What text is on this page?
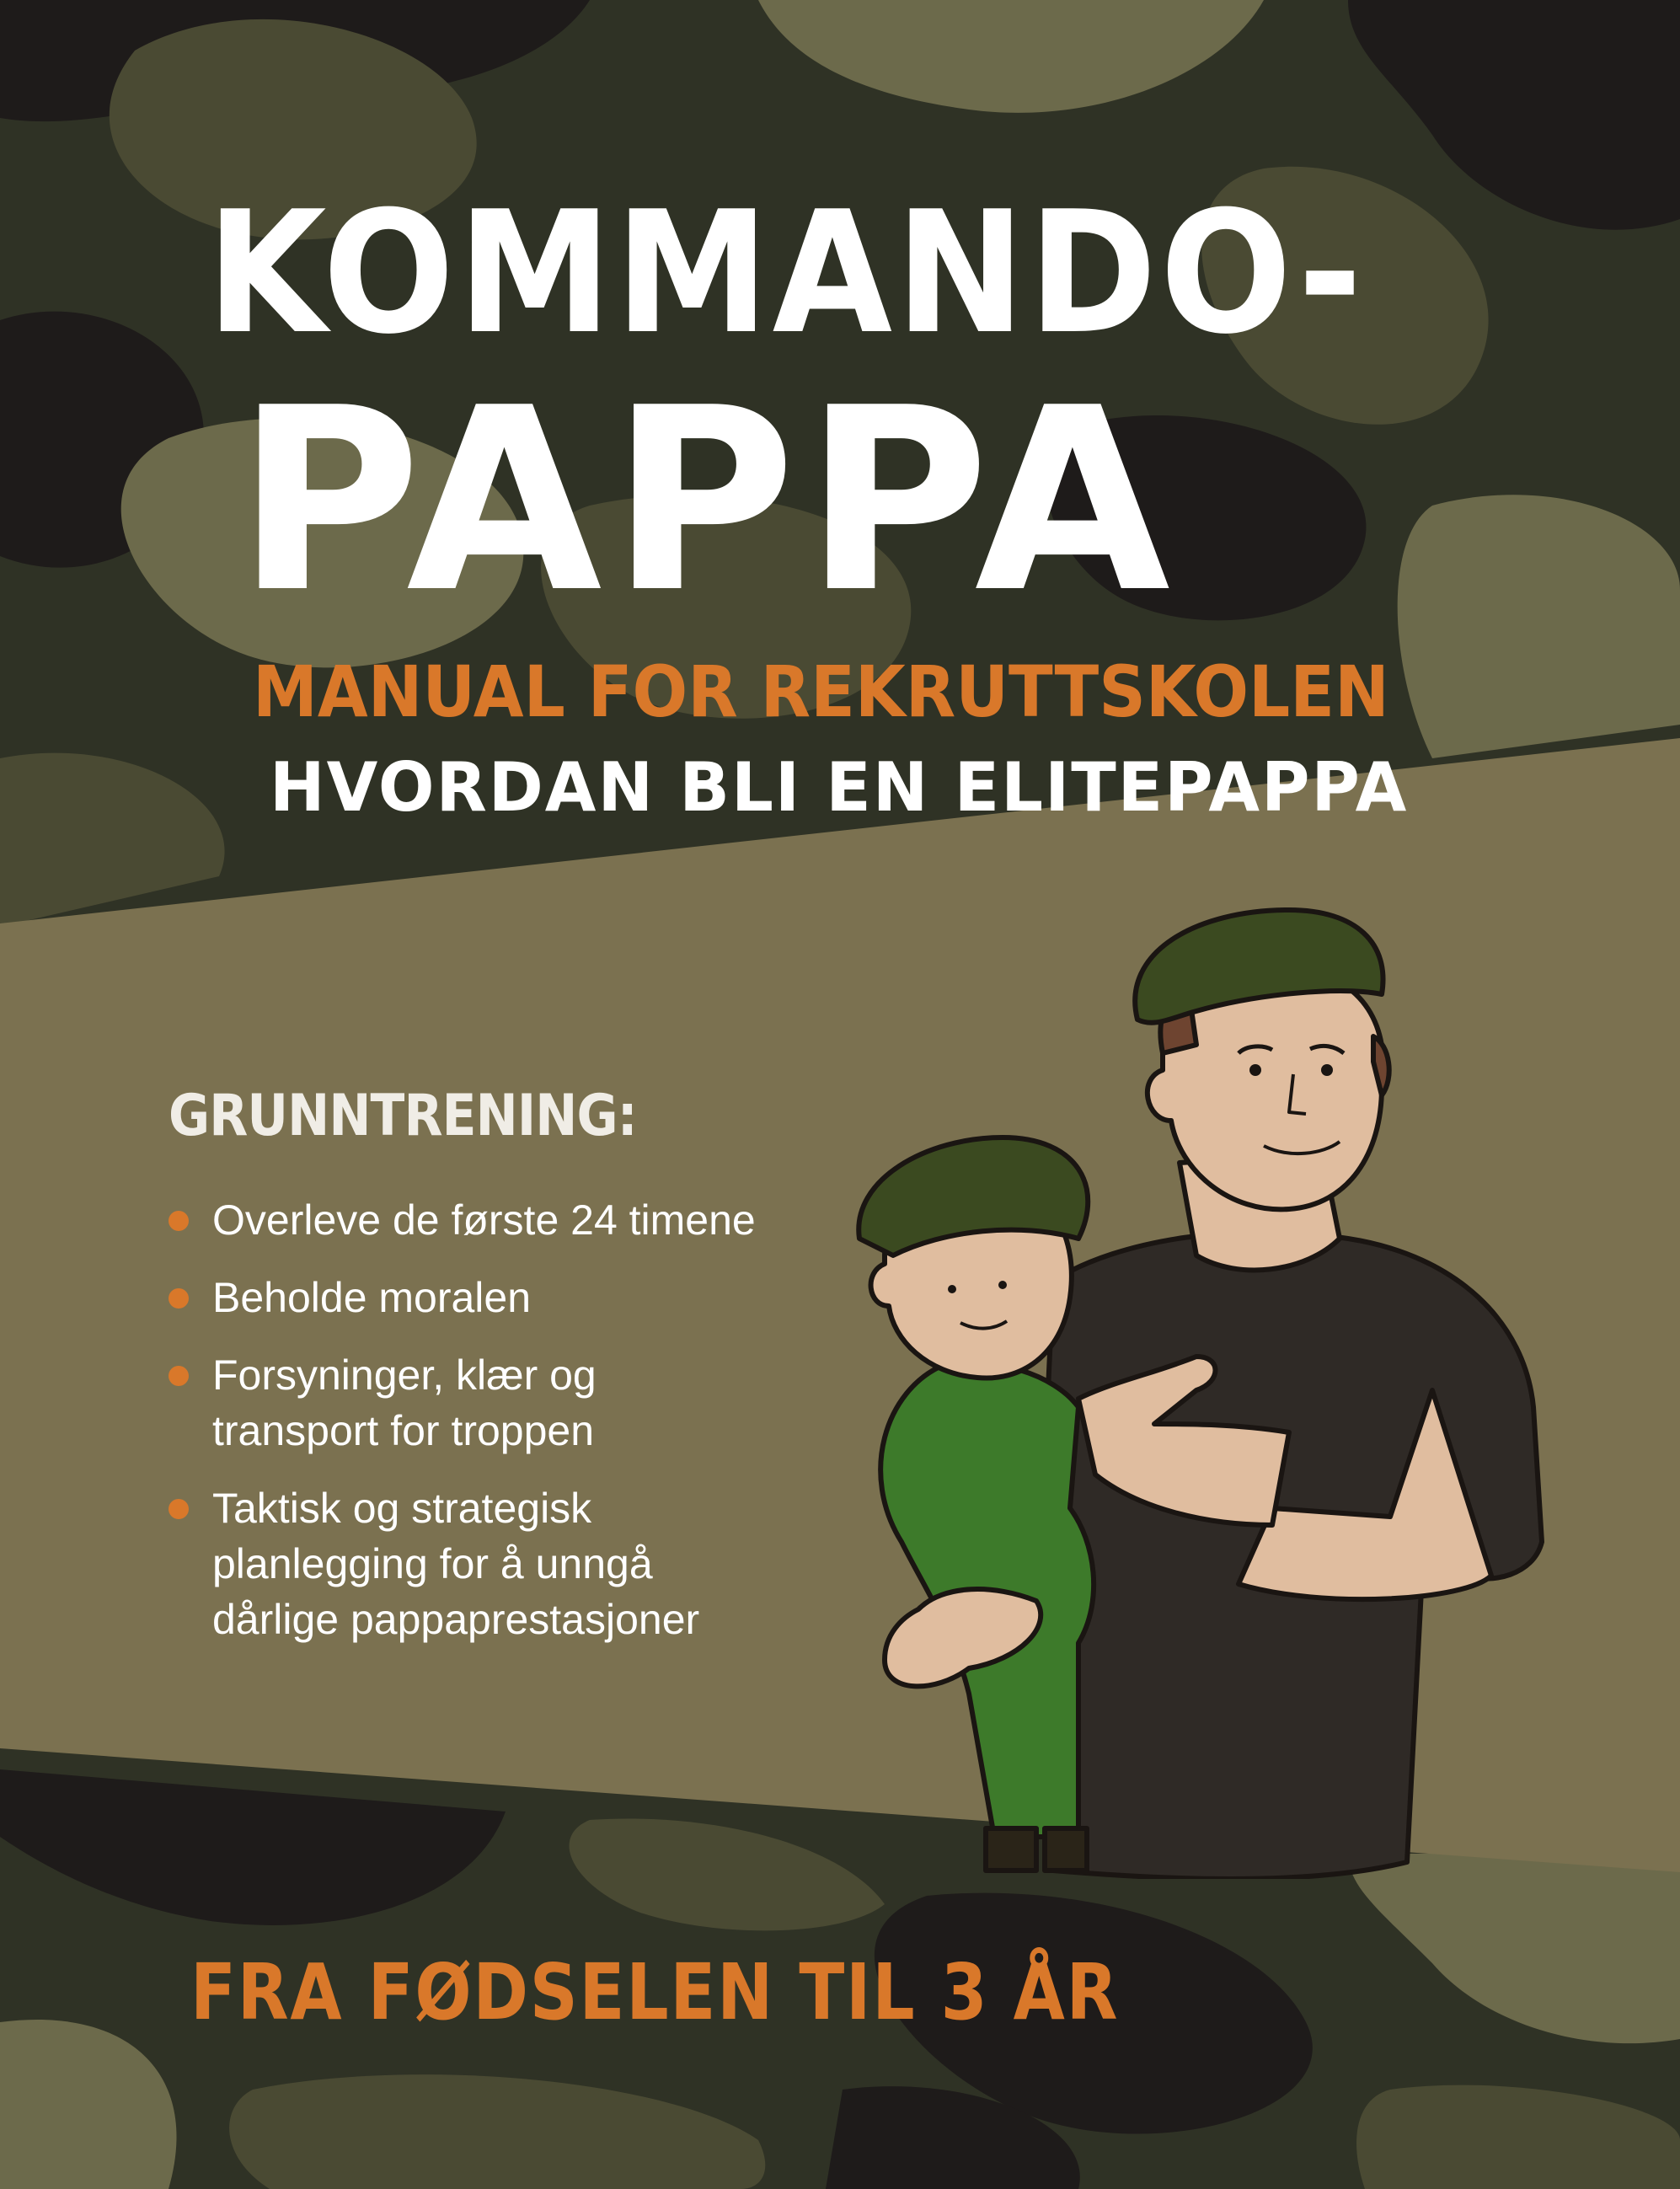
KOMMANDO-
PAPPA
MANUAL FOR REKRUTTSKOLEN
HVORDAN BLI EN ELITEPAPPA
GRUNNTRENING:
Overleve de første 24 timene
Beholde moralen
Forsyninger, klær og transport for troppen
Taktisk og strategisk planlegging for å unngå dårlige pappaprestasjoner
FRA FØDSELEN TIL 3 ÅR
